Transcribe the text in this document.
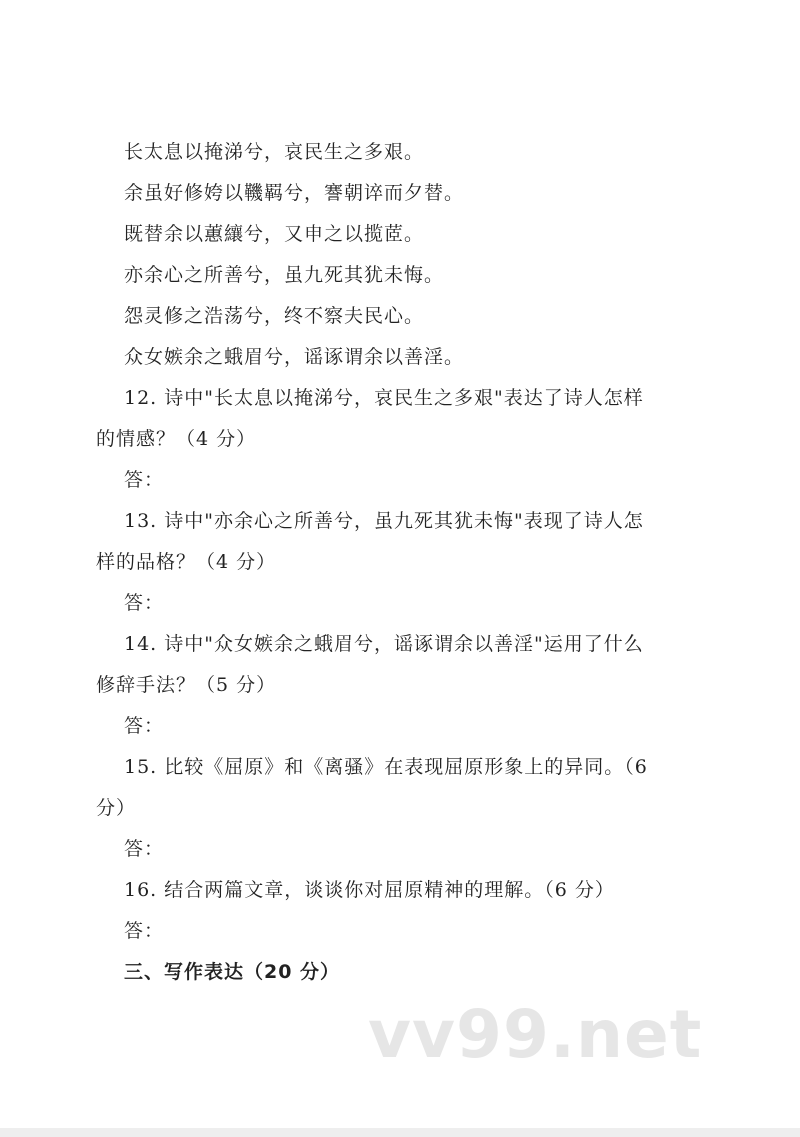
长太息以掩涕兮，哀民生之多艰。
余虽好修姱以鞿羁兮，謇朝谇而夕替。
既替余以蕙纕兮，又申之以揽茝。
亦余心之所善兮，虽九死其犹未悔。
怨灵修之浩荡兮，终不察夫民心。
众女嫉余之蛾眉兮，谣诼谓余以善淫。
12. 诗中"长太息以掩涕兮，哀民生之多艰"表达了诗人怎样
的情感？（4 分）
答：
13. 诗中"亦余心之所善兮，虽九死其犹未悔"表现了诗人怎
样的品格？（4 分）
答：
14. 诗中"众女嫉余之蛾眉兮，谣诼谓余以善淫"运用了什么
修辞手法？（5 分）
答：
15. 比较《屈原》和《离骚》在表现屈原形象上的异同。（6
分）
答：
16. 结合两篇文章，谈谈你对屈原精神的理解。（6 分）
答：
三、写作表达（20 分）
vv99.net
